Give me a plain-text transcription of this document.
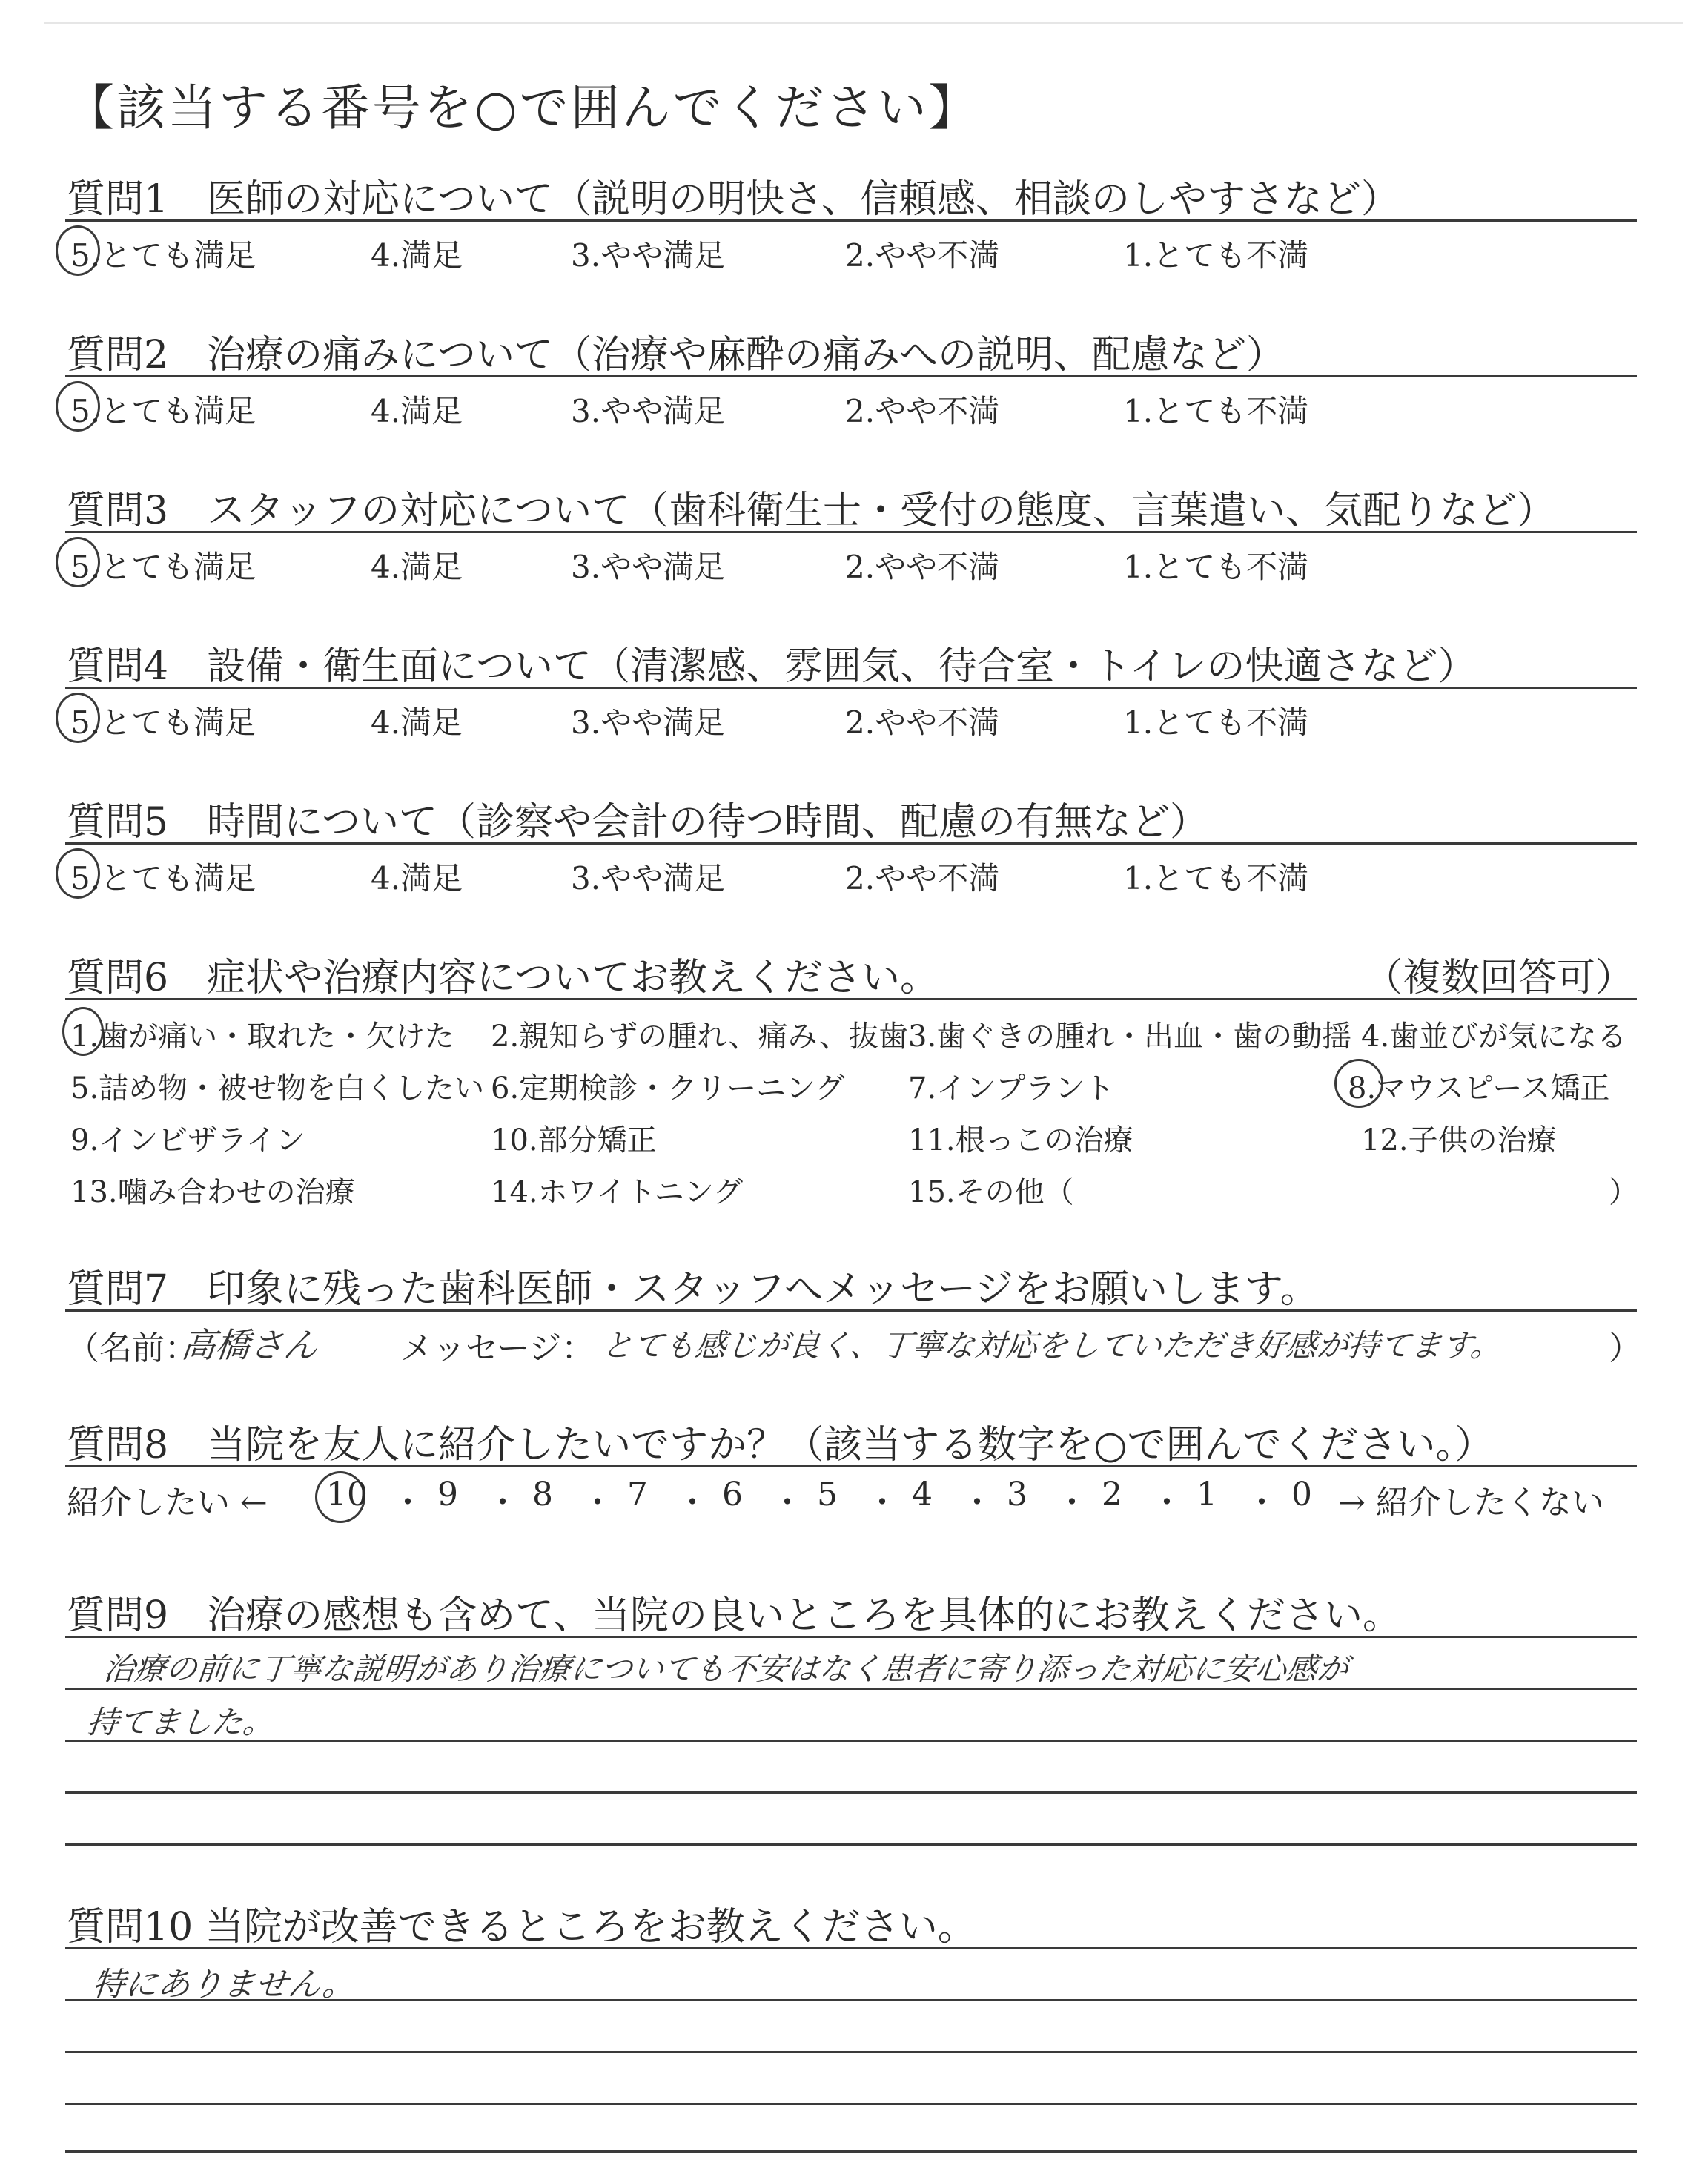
【該当する番号を○で囲んでください】
質問1　医師の対応について（説明の明快さ、信頼感、相談のしやすさなど）
5.とても満足	4.満足	3.やや満足	2.やや不満	1.とても不満
質問2　治療の痛みについて（治療や麻酔の痛みへの説明、配慮など）
5.とても満足	4.満足	3.やや満足	2.やや不満	1.とても不満
質問3　スタッフの対応について（歯科衛生士・受付の態度、言葉遣い、気配りなど）
5.とても満足	4.満足	3.やや満足	2.やや不満	1.とても不満
質問4　設備・衛生面について（清潔感、雰囲気、待合室・トイレの快適さなど）
5.とても満足	4.満足	3.やや満足	2.やや不満	1.とても不満
質問5　時間について（診察や会計の待つ時間、配慮の有無など）
5.とても満足	4.満足	3.やや満足	2.やや不満	1.とても不満
質問6　症状や治療内容についてお教えください。	（複数回答可）
1.歯が痛い・取れた・欠けた 2.親知らずの腫れ、痛み、抜歯 3.歯ぐきの腫れ・出血・歯の動揺 4.歯並びが気になる
5.詰め物・被せ物を白くしたい 6.定期検診・クリーニング 7.インプラント	8.マウスピース矯正
9.インビザライン	10.部分矯正	11.根っこの治療	12.子供の治療
13.噛み合わせの治療	14.ホワイトニング	15.その他（	）
質問7　印象に残った歯科医師・スタッフへメッセージをお願いします。
（名前：
高橋さん メッセージ： とても感じが良く、丁寧な対応をしていただき好感が持てます。	）
質問8　当院を友人に紹介したいですか？（該当する数字を○で囲んでください。）
紹介したい ←	→ 紹介したくない
10 ・ 9 ・ 8 ・ 7 ・ 6 ・ 5 ・ 4 ・ 3 ・ 2 ・ 1 ・ 0
質問9　治療の感想も含めて、当院の良いところを具体的にお教えください。
治療の前に丁寧な説明があり治療についても不安はなく患者に寄り添った対応に安心感が
持てました。
質問10 当院が改善できるところをお教えください。
特にありません。
